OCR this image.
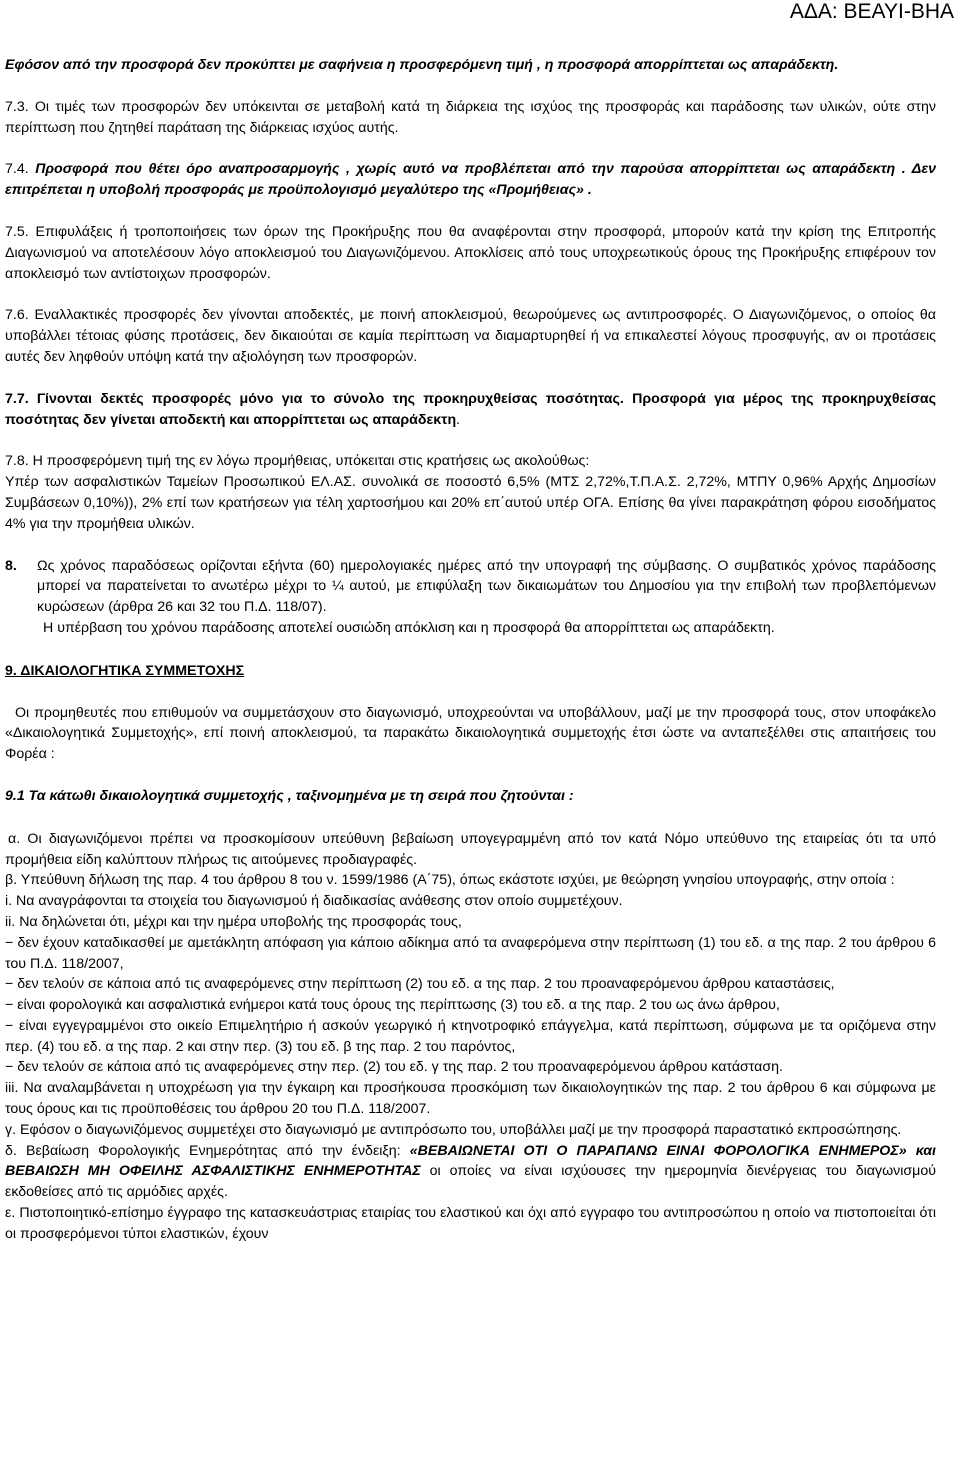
ΑΔΑ: ΒΕΑΥΙ-ΒΗΑ

Εφόσον από την προσφορά δεν προκύπτει με σαφήνεια η προσφερόμενη τιμή , η προσφορά απορρίπτεται ως απαράδεκτη.

7.3. Οι τιμές των προσφορών δεν υπόκεινται σε μεταβολή κατά τη διάρκεια της ισχύος της προσφοράς και παράδοσης των υλικών, ούτε στην περίπτωση που ζητηθεί παράταση της διάρκειας ισχύος αυτής.

7.4. Προσφορά που θέτει όρο αναπροσαρμογής , χωρίς αυτό να προβλέπεται από την παρούσα απορρίπτεται ως απαράδεκτη . Δεν επιτρέπεται η υποβολή προσφοράς με προϋπολογισμό μεγαλύτερο της «Προμήθειας» .

7.5. Επιφυλάξεις ή τροποποιήσεις των όρων της Προκήρυξης που θα αναφέρονται στην προσφορά, μπορούν κατά την κρίση της Επιτροπής Διαγωνισμού να αποτελέσουν λόγο αποκλεισμού του Διαγωνιζόμενου. Αποκλίσεις από τους υποχρεωτικούς όρους της Προκήρυξης επιφέρουν τον αποκλεισμό των αντίστοιχων προσφορών.

7.6. Εναλλακτικές προσφορές δεν γίνονται αποδεκτές, με ποινή αποκλεισμού, θεωρούμενες ως αντιπροσφορές. Ο Διαγωνιζόμενος, ο οποίος θα υποβάλλει τέτοιας φύσης προτάσεις, δεν δικαιούται σε καμία περίπτωση να διαμαρτυρηθεί ή να επικαλεστεί λόγους προσφυγής, αν οι προτάσεις αυτές δεν ληφθούν υπόψη κατά την αξιολόγηση των προσφορών.

7.7. Γίνονται δεκτές προσφορές μόνο για το σύνολο της προκηρυχθείσας ποσότητας. Προσφορά για μέρος της προκηρυχθείσας ποσότητας δεν γίνεται αποδεκτή και απορρίπτεται ως απαράδεκτη.

7.8. Η προσφερόμενη τιμή της εν λόγω προμήθειας, υπόκειται στις κρατήσεις ως ακολούθως:

Υπέρ των ασφαλιστικών Ταμείων Προσωπικού ΕΛ.ΑΣ. συνολικά σε ποσοστό 6,5% (ΜΤΣ 2,72%,Τ.Π.Α.Σ. 2,72%, ΜΤΠΥ 0,96% Αρχής Δημοσίων Συμβάσεων 0,10%)), 2% επί των κρατήσεων για τέλη χαρτοσήμου και 20% επ΄αυτού υπέρ ΟΓΑ. Επίσης θα γίνει παρακράτηση φόρου εισοδήματος 4% για την προμήθεια υλικών.

8. Ως χρόνος παραδόσεως ορίζονται εξήντα (60) ημερολογιακές ημέρες από την υπογραφή της σύμβασης. Ο συμβατικός χρόνος παράδοσης μπορεί να παρατείνεται το ανωτέρω μέχρι το ¼ αυτού, με επιφύλαξη των δικαιωμάτων του Δημοσίου για την επιβολή των προβλεπόμενων κυρώσεων (άρθρα 26 και 32 του Π.Δ. 118/07).

Η υπέρβαση του χρόνου παράδοσης αποτελεί ουσιώδη απόκλιση και η προσφορά θα απορρίπτεται ως απαράδεκτη.

9. ΔΙΚΑΙΟΛΟΓΗΤΙΚΑ ΣΥΜΜΕΤΟΧΗΣ

Οι προμηθευτές που επιθυμούν να συμμετάσχουν στο διαγωνισμό, υποχρεούνται να υποβάλλουν, μαζί με την προσφορά τους, στον υποφάκελο «Δικαιολογητικά Συμμετοχής», επί ποινή αποκλεισμού, τα παρακάτω δικαιολογητικά συμμετοχής έτσι ώστε να ανταπεξέλθει στις απαιτήσεις του Φορέα :

9.1 Τα κάτωθι δικαιολογητικά συμμετοχής , ταξινομημένα με τη σειρά που ζητούνται :

α. Οι διαγωνιζόμενοι πρέπει να προσκομίσουν υπεύθυνη βεβαίωση υπογεγραμμένη από τον κατά Νόμο υπεύθυνο της εταιρείας ότι τα υπό προμήθεια είδη καλύπτουν πλήρως τις αιτούμενες προδιαγραφές.

β. Υπεύθυνη δήλωση της παρ. 4 του άρθρου 8 του ν. 1599/1986 (Α΄75), όπως εκάστοτε ισχύει, με θεώρηση γνησίου υπογραφής, στην οποία :

i. Να αναγράφονται τα στοιχεία του διαγωνισμού ή διαδικασίας ανάθεσης στον οποίο συμμετέχουν.

ii. Να δηλώνεται ότι, μέχρι και την ημέρα υποβολής της προσφοράς τους,

− δεν έχουν καταδικασθεί με αμετάκλητη απόφαση για κάποιο αδίκημα από τα αναφερόμενα στην περίπτωση (1) του εδ. α της παρ. 2 του άρθρου 6 του Π.Δ. 118/2007,

− δεν τελούν σε κάποια από τις αναφερόμενες στην περίπτωση (2) του εδ. α της παρ. 2 του προαναφερόμενου άρθρου καταστάσεις,

− είναι φορολογικά και ασφαλιστικά ενήμεροι κατά τους όρους της περίπτωσης (3) του εδ. α της παρ. 2 του ως άνω άρθρου,

− είναι εγγεγραμμένοι στο οικείο Επιμελητήριο ή ασκούν γεωργικό ή κτηνοτροφικό επάγγελμα, κατά περίπτωση, σύμφωνα με τα οριζόμενα στην περ. (4) του εδ. α της παρ. 2 και στην περ. (3) του εδ. β της παρ. 2 του παρόντος,

− δεν τελούν σε κάποια από τις αναφερόμενες στην περ. (2) του εδ. γ της παρ. 2 του προαναφερόμενου άρθρου κατάσταση.

iii. Να αναλαμβάνεται η υποχρέωση για την έγκαιρη και προσήκουσα προσκόμιση των δικαιολογητικών της παρ. 2 του άρθρου 6 και σύμφωνα με τους όρους και τις προϋποθέσεις του άρθρου 20 του Π.Δ. 118/2007.

γ. Εφόσον ο διαγωνιζόμενος συμμετέχει στο διαγωνισμό με αντιπρόσωπο του, υποβάλλει μαζί με την προσφορά παραστατικό εκπροσώπησης.

δ. Βεβαίωση Φορολογικής Ενημερότητας από την ένδειξη: «ΒΕΒΑΙΩΝΕΤΑΙ ΟΤΙ Ο ΠΑΡΑΠΑΝΩ ΕΙΝΑΙ ΦΟΡΟΛΟΓΙΚΑ ΕΝΗΜΕΡΟΣ» και ΒΕΒΑΙΩΣΗ ΜΗ ΟΦΕΙΛΗΣ ΑΣΦΑΛΙΣΤΙΚΗΣ ΕΝΗΜΕΡΟΤΗΤΑΣ οι οποίες να είναι ισχύουσες την ημερομηνία διενέργειας του διαγωνισμού εκδοθείσες από τις αρμόδιες αρχές.

ε. Πιστοποιητικό-επίσημο έγγραφο της κατασκευάστριας εταιρίας του ελαστικού και όχι από εγγραφο του αντιπροσώπου η οποίο να πιστοποιείται ότι οι προσφερόμενοι τύποι ελαστικών, έχουν
